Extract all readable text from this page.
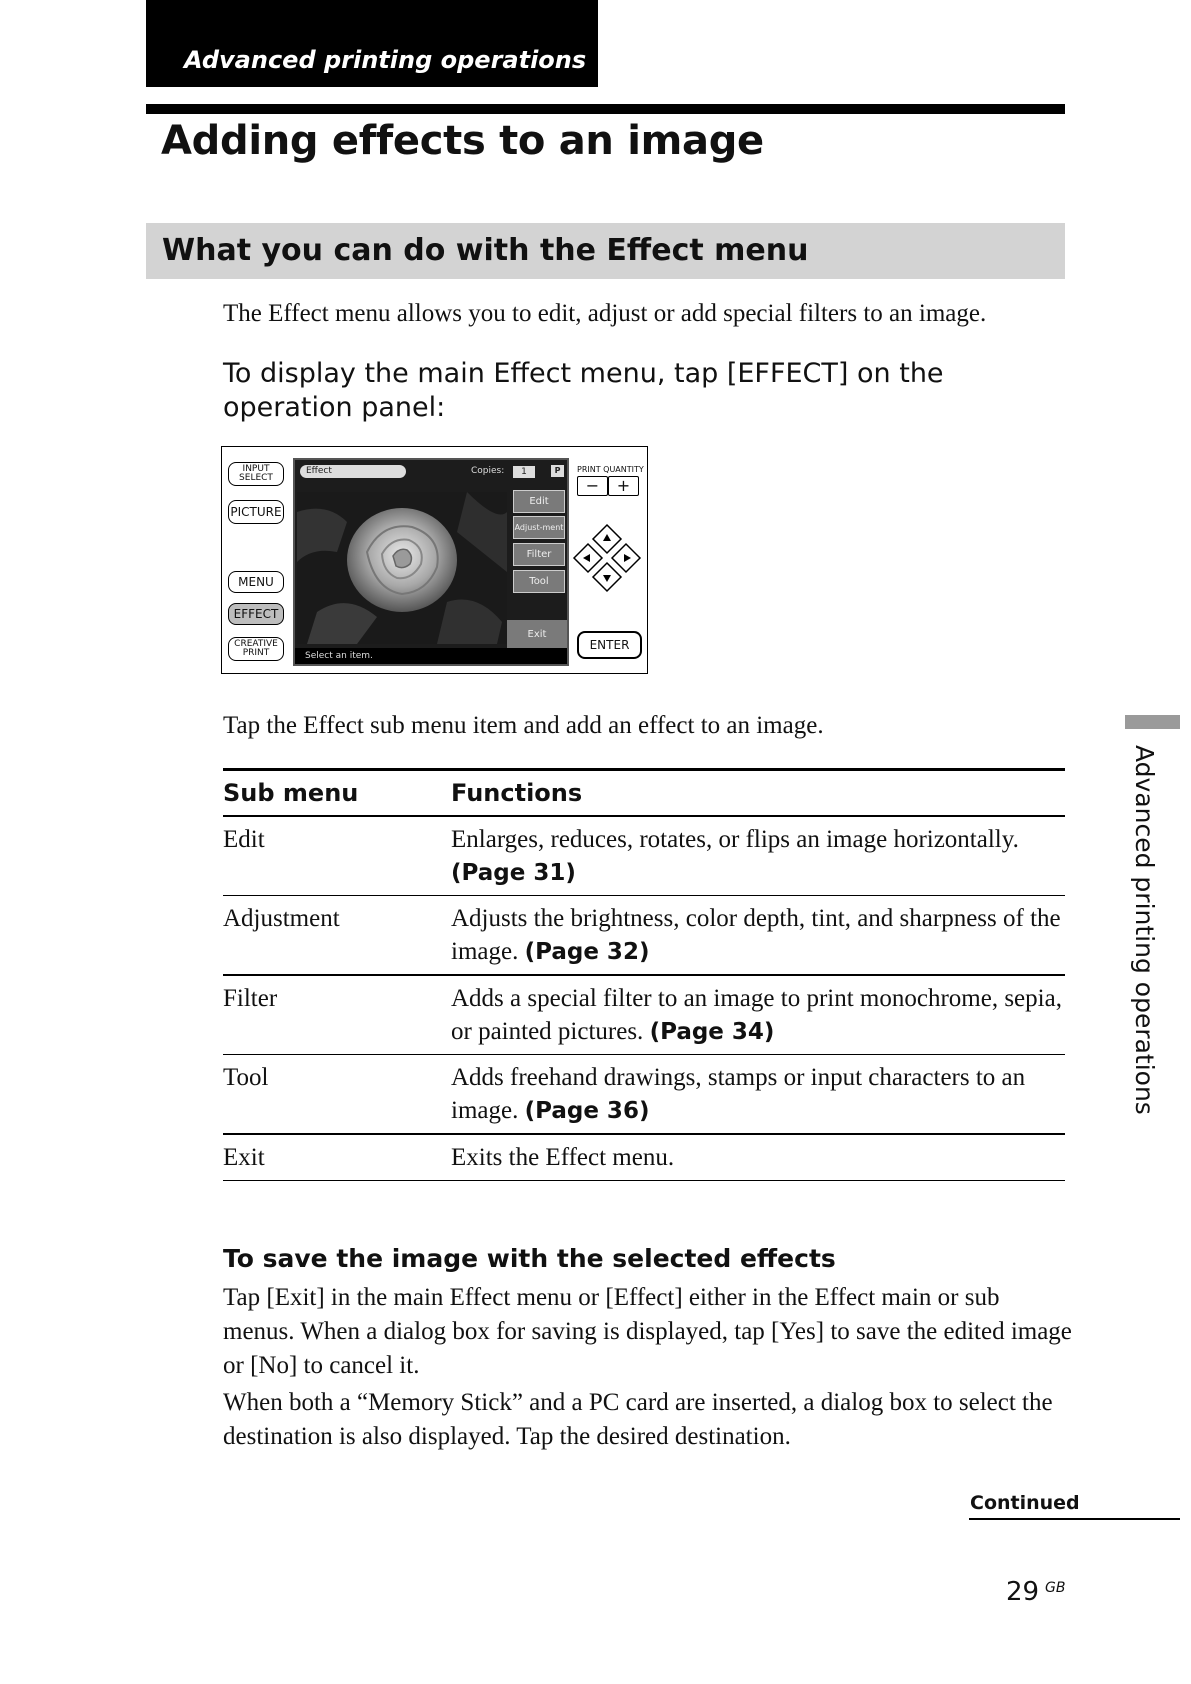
Advanced printing operations
Adding effects to an image
What you can do with the Effect menu
The Effect menu allows you to edit, adjust or add special filters to an image.
To display the main Effect menu, tap [EFFECT] on the operation panel:
INPUT SELECT
PICTURE
MENU
EFFECT
CREATIVE PRINT
Effect	Copies:	1	P
Edit
Adjust-ment
Filter
Tool
Exit
Select an item.
PRINT QUANTITY
−	+
ENTER
Tap the Effect sub menu item and add an effect to an image.
Sub menu	Functions
Edit	Enlarges, reduces, rotates, or flips an image horizontally.
(Page 31)
Adjustment	Adjusts the brightness, color depth, tint, and sharpness of the image. (Page 32)
Filter	Adds a special filter to an image to print monochrome, sepia, or painted pictures. (Page 34)
Tool	Adds freehand drawings, stamps or input characters to an image. (Page 36)
Exit	Exits the Effect menu.
To save the image with the selected effects
Tap [Exit] in the main Effect menu or [Effect] either in the Effect main or sub menus. When a dialog box for saving is displayed, tap [Yes] to save the edited image or [No] to cancel it.
When both a “Memory Stick” and a PC card are inserted, a dialog box to select the destination is also displayed. Tap the desired destination.
Continued
29 GB
Advanced printing operations
